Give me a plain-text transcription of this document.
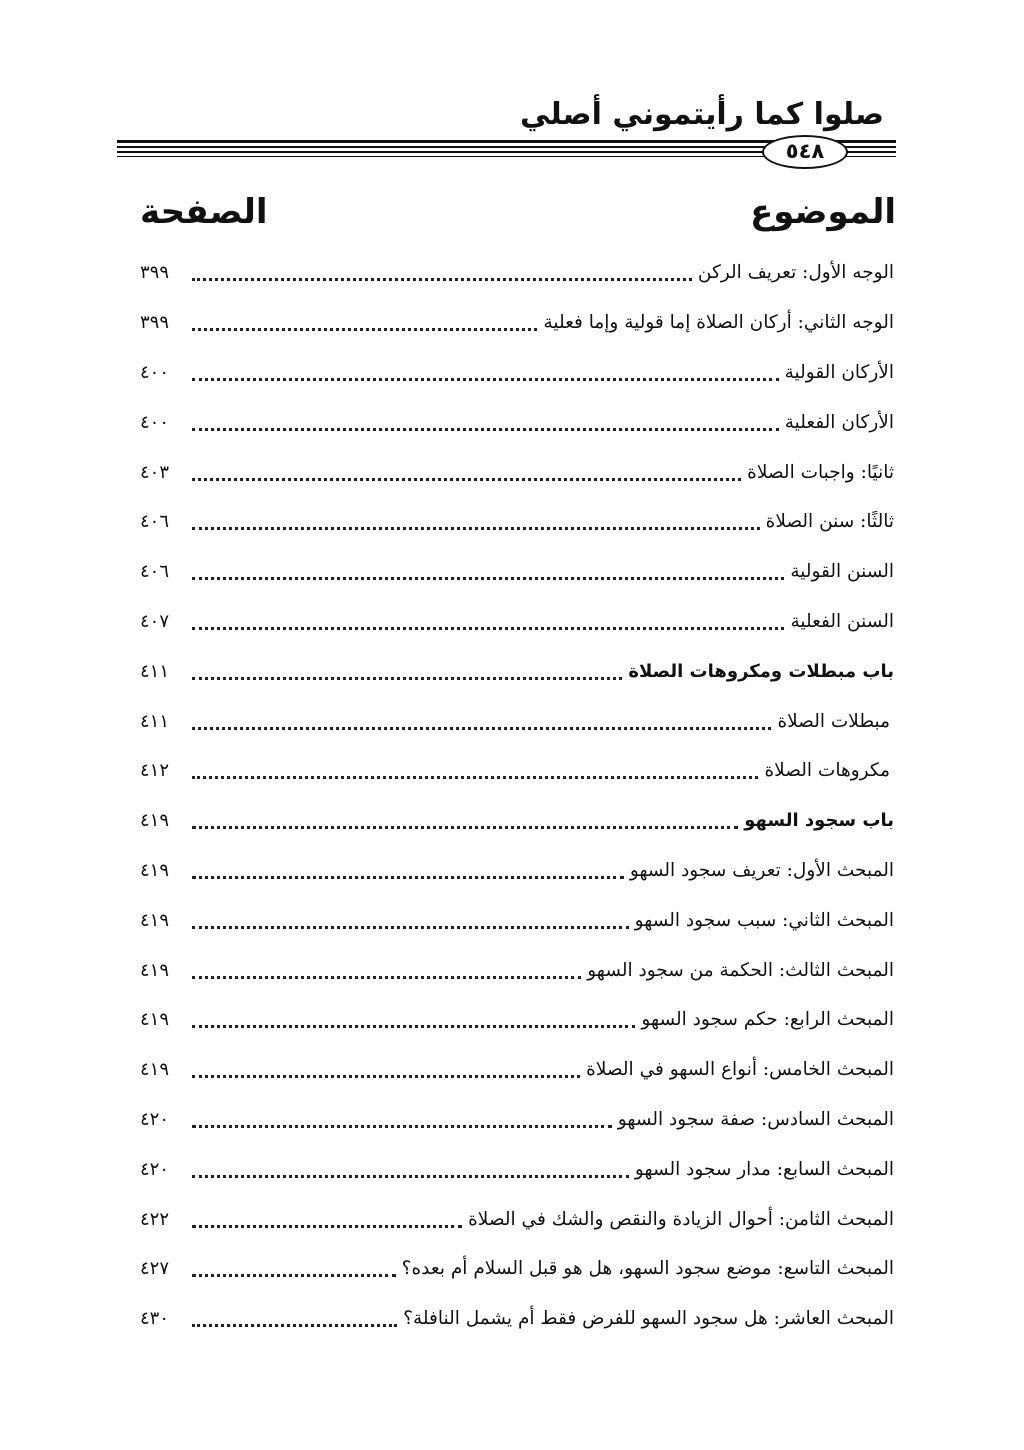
صلوا كما رأيتموني أصلي
٥٤٨
الموضوع
الصفحة
الوجه الأول: تعريف الركن
٣٩٩
الوجه الثاني: أركان الصلاة إما قولية وإما فعلية
٣٩٩
الأركان القولية
٤٠٠
الأركان الفعلية
٤٠٠
ثانيًا: واجبات الصلاة
٤٠٣
ثالثًا: سنن الصلاة
٤٠٦
السنن القولية
٤٠٦
السنن الفعلية
٤٠٧
باب مبطلات ومكروهات الصلاة
٤١١
مبطلات الصلاة
٤١١
مكروهات الصلاة
٤١٢
باب سجود السهو
٤١٩
المبحث الأول: تعريف سجود السهو
٤١٩
المبحث الثاني: سبب سجود السهو
٤١٩
المبحث الثالث: الحكمة من سجود السهو
٤١٩
المبحث الرابع: حكم سجود السهو
٤١٩
المبحث الخامس: أنواع السهو في الصلاة
٤١٩
المبحث السادس: صفة سجود السهو
٤٢٠
المبحث السابع: مدار سجود السهو
٤٢٠
المبحث الثامن: أحوال الزيادة والنقص والشك في الصلاة
٤٢٢
المبحث التاسع: موضع سجود السهو، هل هو قبل السلام أم بعده؟
٤٢٧
المبحث العاشر: هل سجود السهو للفرض فقط أم يشمل النافلة؟
٤٣٠
